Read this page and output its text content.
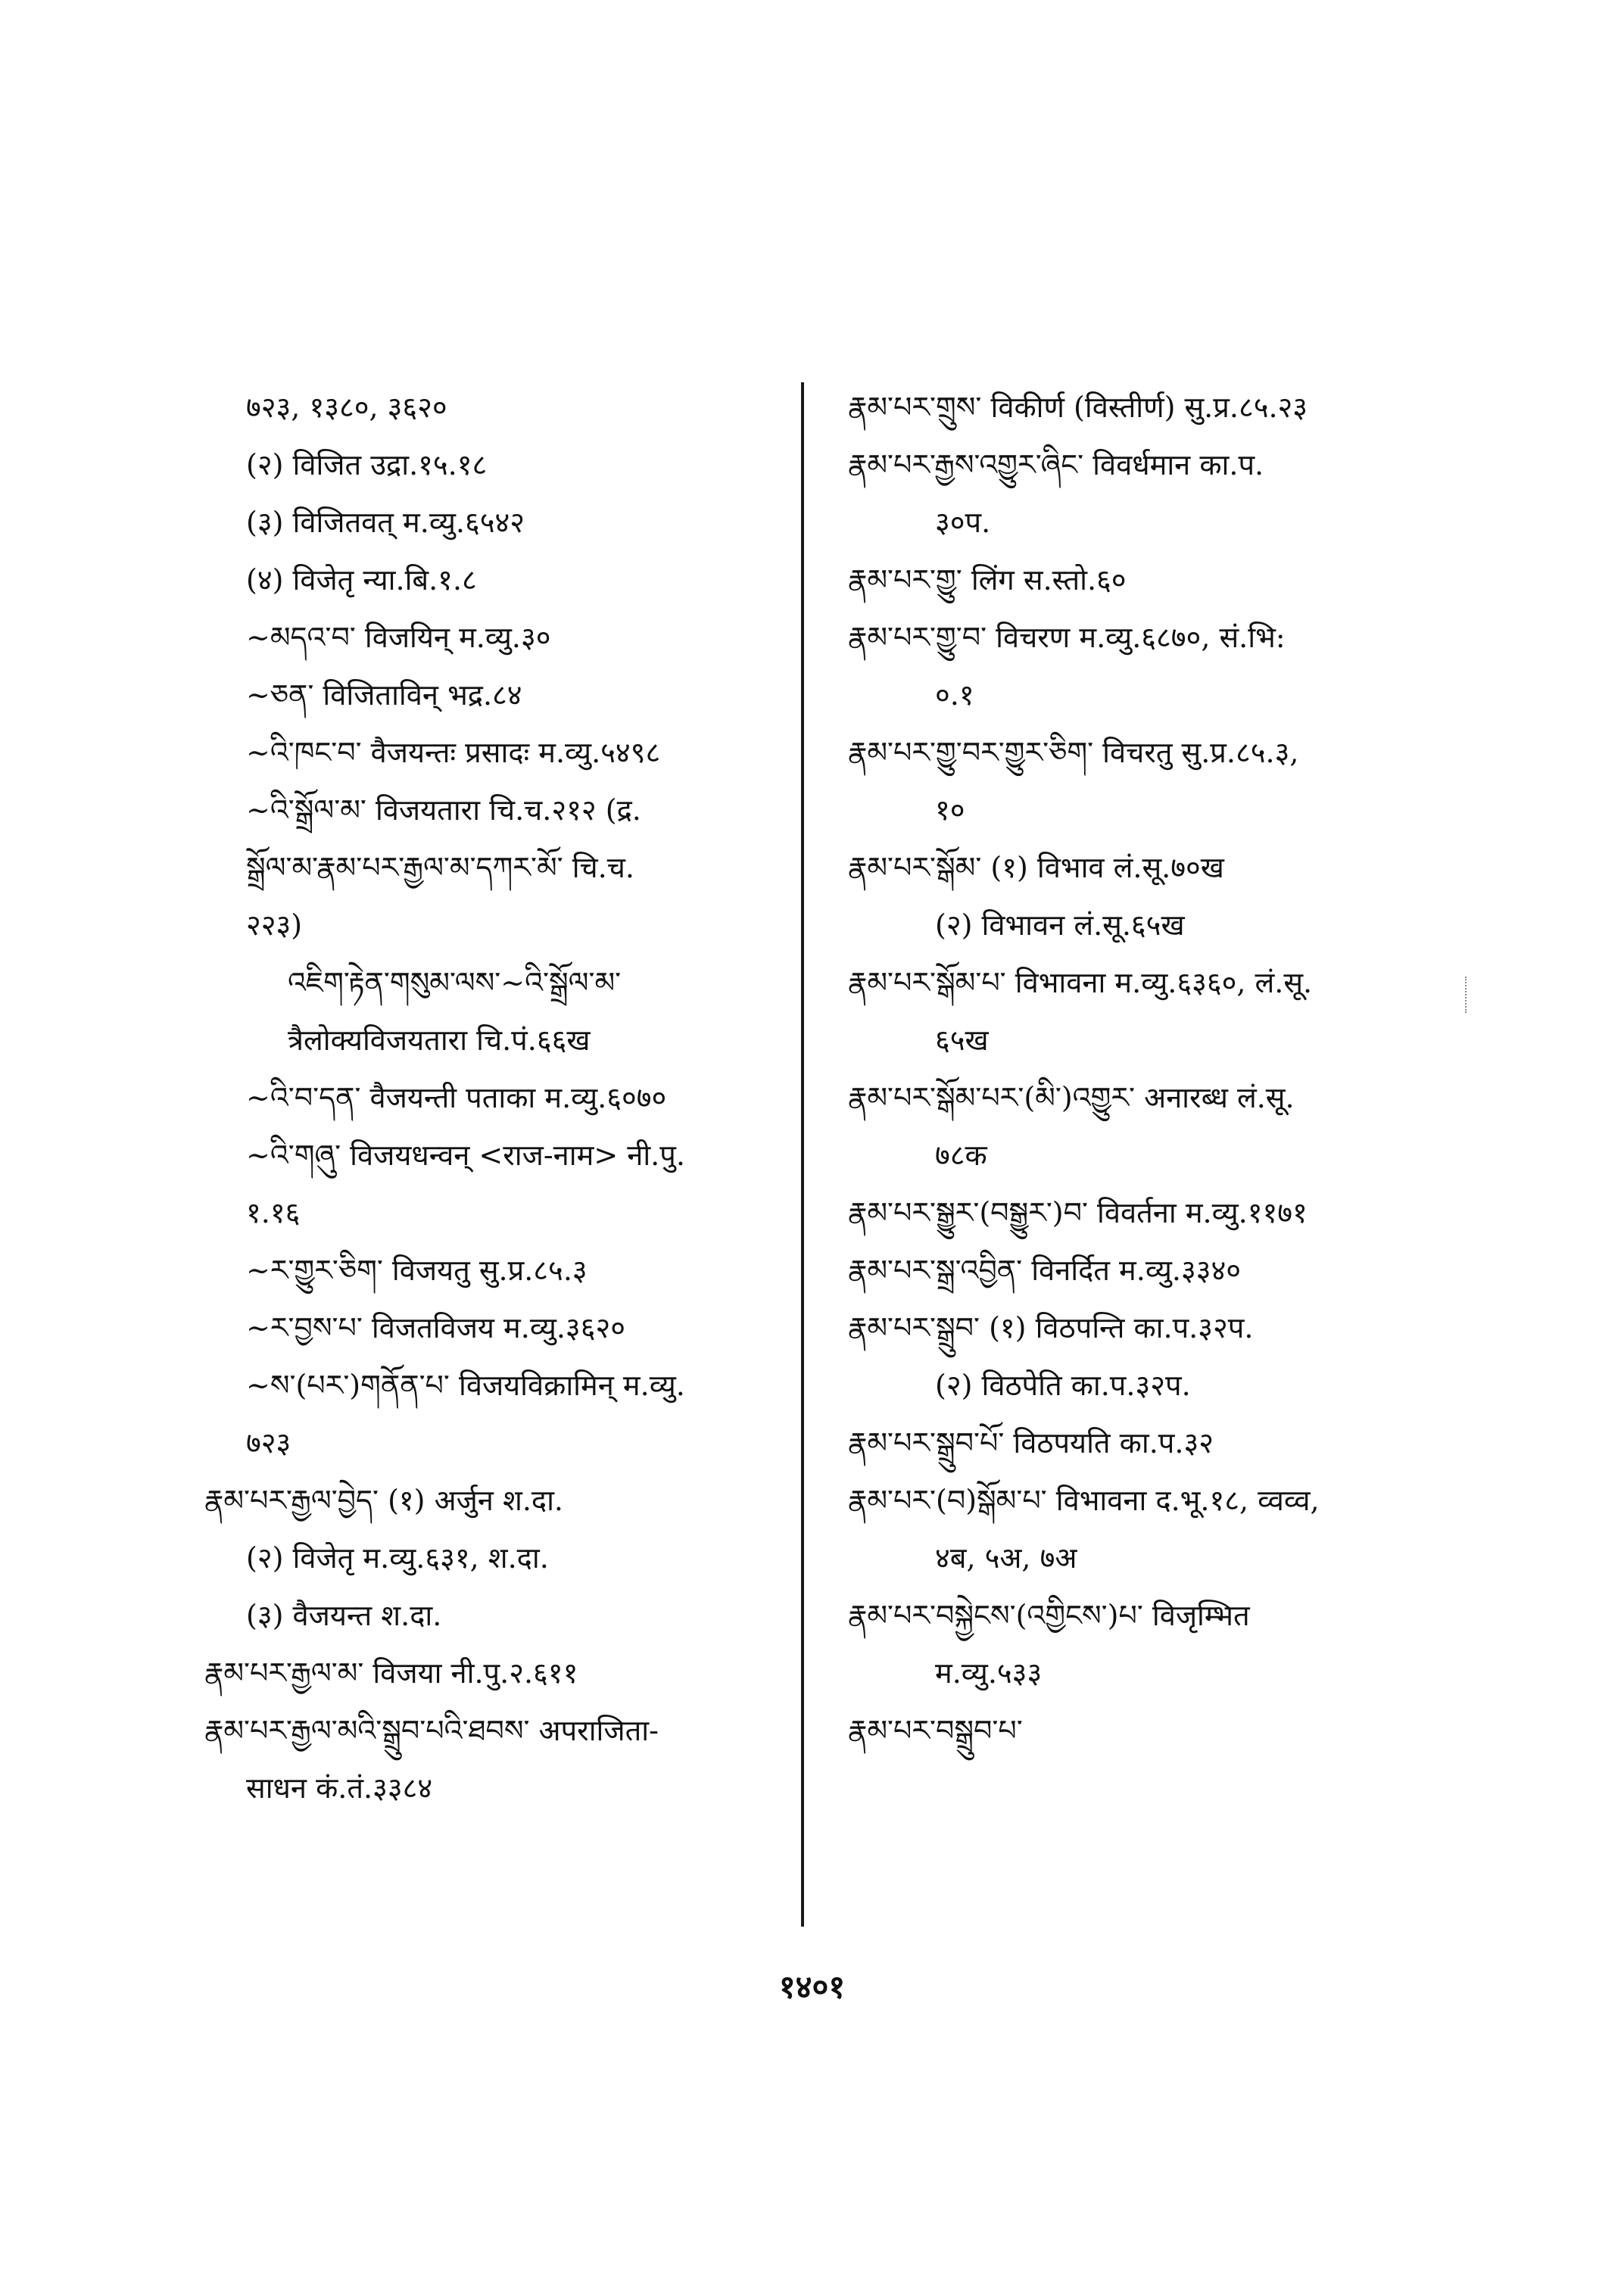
७२३, १३८०, ३६२०
(२) विजित उद्रा.१५.१८
(३) विजितवत् म.व्यु.६५४२
(४) विजेतृ न्या.बि.१.८
~མདའ་བ་ विजयिन् म.व्यु.३०
~ཅན་ विजिताविन् भद्र.८४
~འི་ཁང་བ་ वैजयन्तः प्रसादः म.व्यु.५४९८
~འི་སྒྲོལ་མ་ विजयतारा चि.च.२१२ (द्र.
སྒྲོལ་མ་རྣམ་པར་རྒྱལ་མ་དཀར་མོ་ चि.च.
२२३)
འཇིག་རྟེན་གསུམ་ལས་~འི་སྒྲོལ་མ་
त्रैलोक्यविजयतारा चि.पं.६६ख
~འི་བ་དན་ वैजयन्ती पताका म.व्यु.६०७०
~འི་གཞུ་ विजयधन्वन् <राज-नाम> नी.पु.
१.१६
~ར་གྱུར་ཅིག་ विजयतु सु.प्र.८५.३
~ར་བྱས་པ་ विजतविजय म.व्यु.३६२०
~ས་(པར་)གནོན་པ་ विजयविक्रामिन् म.व्यु.
७२३
རྣམ་པར་རྒྱལ་བྱེད་ (१) अर्जुन श.दा.
(२) विजेतृ म.व्यु.६३१, श.दा.
(३) वैजयन्त श.दा.
རྣམ་པར་རྒྱལ་མ་ विजया नी.पु.२.६११
རྣམ་པར་རྒྱལ་མའི་སྒྲུབ་པའི་ཐབས་ अपराजिता-
साधन कं.तं.३३८४
རྣམ་པར་གྲུས་ विकीर्ण (विस्तीर्ण) सु.प्र.८५.२३
རྣམ་པར་རྒྱས་འགྱུར་ཞིང་ विवर्धमान का.प.
३०प.
རྣམ་པར་གྱུ་ लिंग स.स्तो.६०
རྣམ་པར་གྱུ་བ་ विचरण म.व्यु.६८७०, सं.भि:
०.१
རྣམ་པར་གྱུ་བར་གྱུར་ཅིག་ विचरतु सु.प्र.८५.३,
१०
རྣམ་པར་སྒོམ་ (१) विभाव लं.सू.७०ख
(२) विभावन लं.सू.६५ख
རྣམ་པར་སྒོམ་པ་ विभावना म.व्यु.६३६०, लं.सू.
६५ख
རྣམ་པར་སྒོམ་པར་(མི་)འགྱུར་ अनारब्ध लं.सू.
७८क
རྣམ་པར་སྒྱུར་(བསྒྱུར་)བ་ विवर्तना म.व्यु.११७१
རྣམ་པར་སྒྲ་འབྱིན་ विनर्दित म.व्यु.३३४०
རྣམ་པར་སྒྲུབ་ (१) विठपन्ति का.प.३२प.
(२) विठपेति का.प.३२प.
རྣམ་པར་སྒྲུབ་པོ་ विठपयति का.प.३२
རྣམ་པར་(བ)སྒོམ་པ་ विभावना द.भू.१८, व्वव्व,
४ब, ५अ, ७अ
རྣམ་པར་བསྐྱེངས་(འགྱིངས་)པ་ विजृम्भित
म.व्यु.५३३
རྣམ་པར་བསྒྲུབ་པ་
१४०१
